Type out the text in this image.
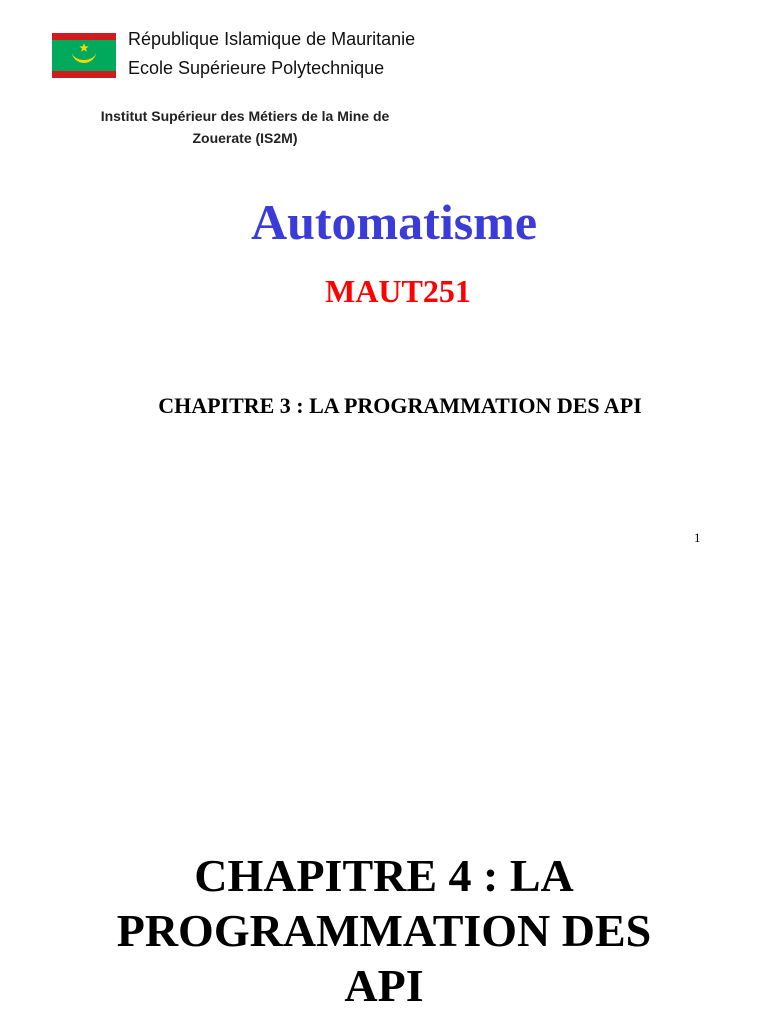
République Islamique de Mauritanie
Ecole Supérieure Polytechnique
Institut Supérieur des Métiers de la Mine de
Zouerate (IS2M)
Automatisme
MAUT251
CHAPITRE 3 : LA PROGRAMMATION DES API
1
CHAPITRE 4 : LA
PROGRAMMATION DES
API
